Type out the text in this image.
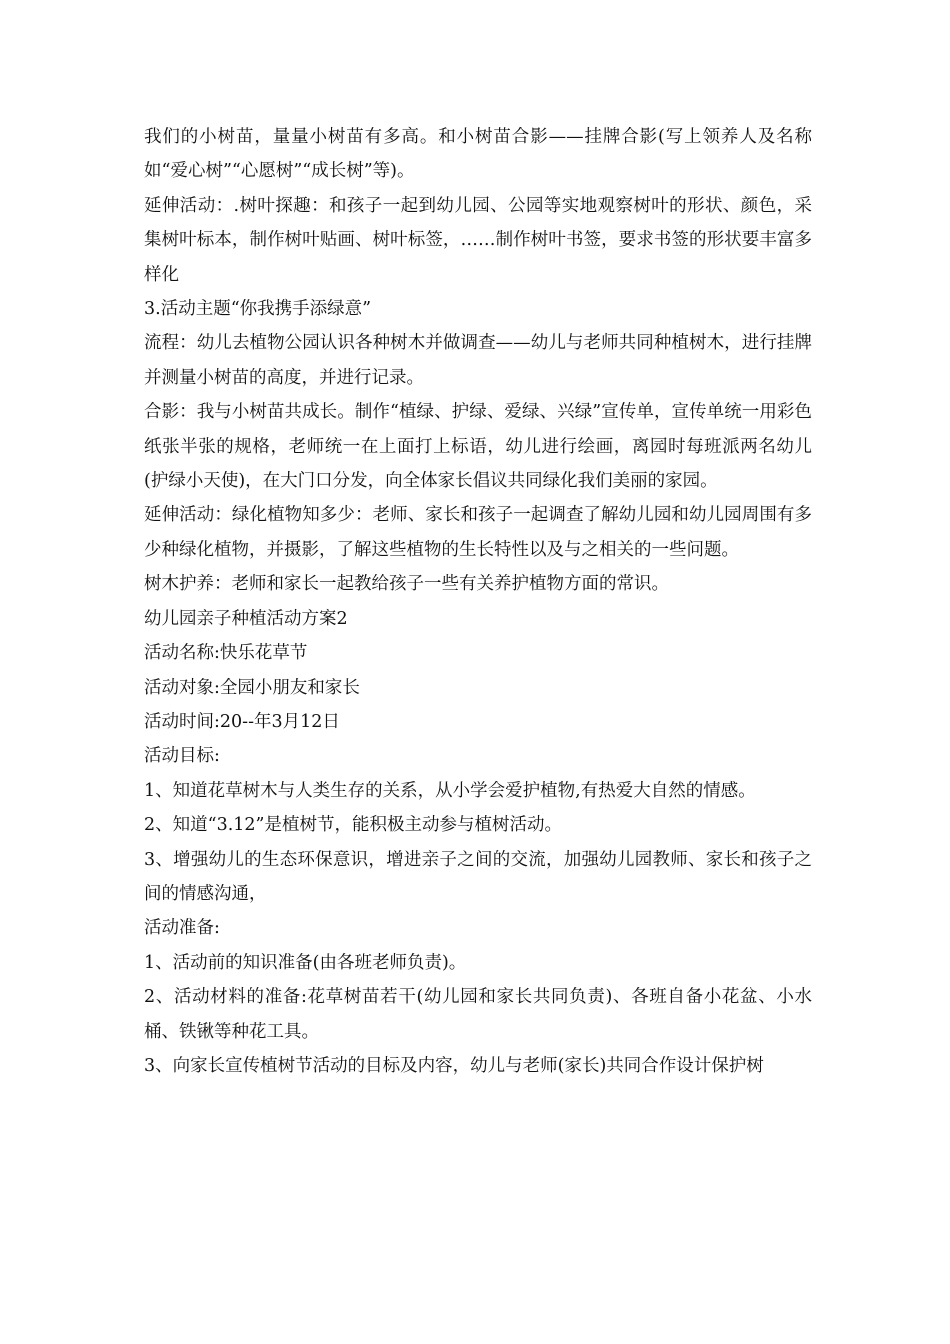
我们的小树苗，量量小树苗有多高。和小树苗合影——挂牌合影(写上领养人及名称如“爱心树”“心愿树”“成长树”等)。

延伸活动：.树叶探趣：和孩子一起到幼儿园、公园等实地观察树叶的形状、颜色，采集树叶标本，制作树叶贴画、树叶标签，……制作树叶书签，要求书签的形状要丰富多样化

3.活动主题“你我携手添绿意”

流程：幼儿去植物公园认识各种树木并做调查——幼儿与老师共同种植树木，进行挂牌并测量小树苗的高度，并进行记录。

合影：我与小树苗共成长。制作“植绿、护绿、爱绿、兴绿”宣传单，宣传单统一用彩色纸张半张的规格，老师统一在上面打上标语，幼儿进行绘画，离园时每班派两名幼儿(护绿小天使)，在大门口分发，向全体家长倡议共同绿化我们美丽的家园。

延伸活动：绿化植物知多少：老师、家长和孩子一起调查了解幼儿园和幼儿园周围有多少种绿化植物，并摄影，了解这些植物的生长特性以及与之相关的一些问题。

树木护养：老师和家长一起教给孩子一些有关养护植物方面的常识。

幼儿园亲子种植活动方案2

活动名称:快乐花草节

活动对象:全园小朋友和家长

活动时间:20--年3月12日

活动目标:

1、知道花草树木与人类生存的关系，从小学会爱护植物,有热爱大自然的情感。

2、知道“3.12”是植树节，能积极主动参与植树活动。

3、增强幼儿的生态环保意识，增进亲子之间的交流，加强幼儿园教师、家长和孩子之间的情感沟通，

活动准备:

1、活动前的知识准备(由各班老师负责)。

2、活动材料的准备:花草树苗若干(幼儿园和家长共同负责)、各班自备小花盆、小水桶、铁锹等种花工具。

3、向家长宣传植树节活动的目标及内容，幼儿与老师(家长)共同合作设计保护树
